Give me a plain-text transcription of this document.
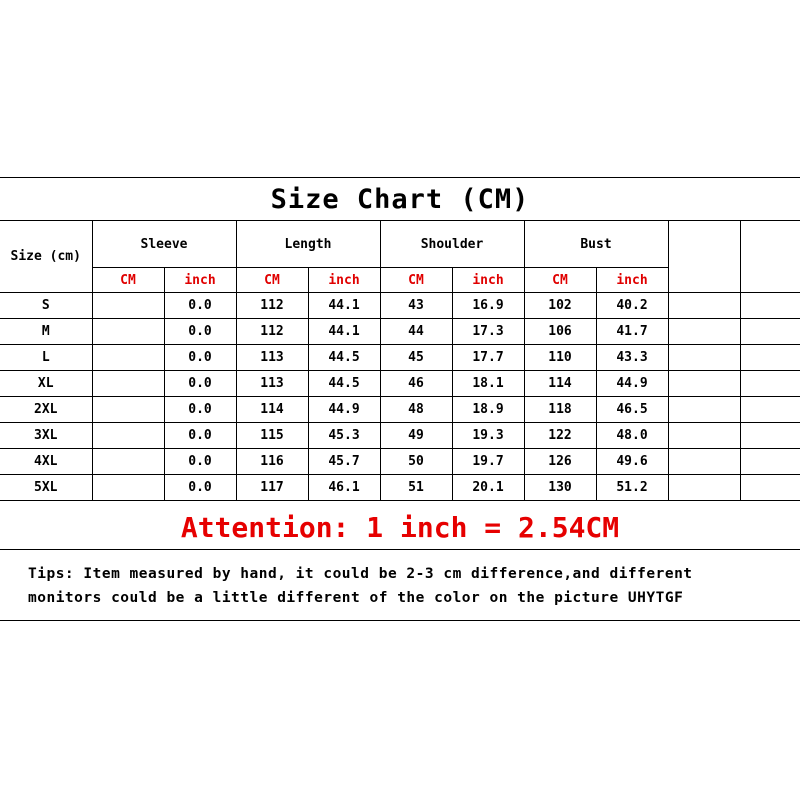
Size Chart (CM)
Size (cm)	Sleeve		Length		Shoulder		Bust			
	CM	inch	CM	inch	CM	inch	CM	inch		
S		0.0	112	44.1	43	16.9	102	40.2		
M		0.0	112	44.1	44	17.3	106	41.7		
L		0.0	113	44.5	45	17.7	110	43.3		
XL		0.0	113	44.5	46	18.1	114	44.9		
2XL		0.0	114	44.9	48	18.9	118	46.5		
3XL		0.0	115	45.3	49	19.3	122	48.0		
4XL		0.0	116	45.7	50	19.7	126	49.6		
5XL		0.0	117	46.1	51	20.1	130	51.2		
Attention: 1 inch = 2.54CM
Tips: Item measured by hand, it could be 2-3 cm difference,and different
monitors could be a little different of the color on the picture UHYTGF
